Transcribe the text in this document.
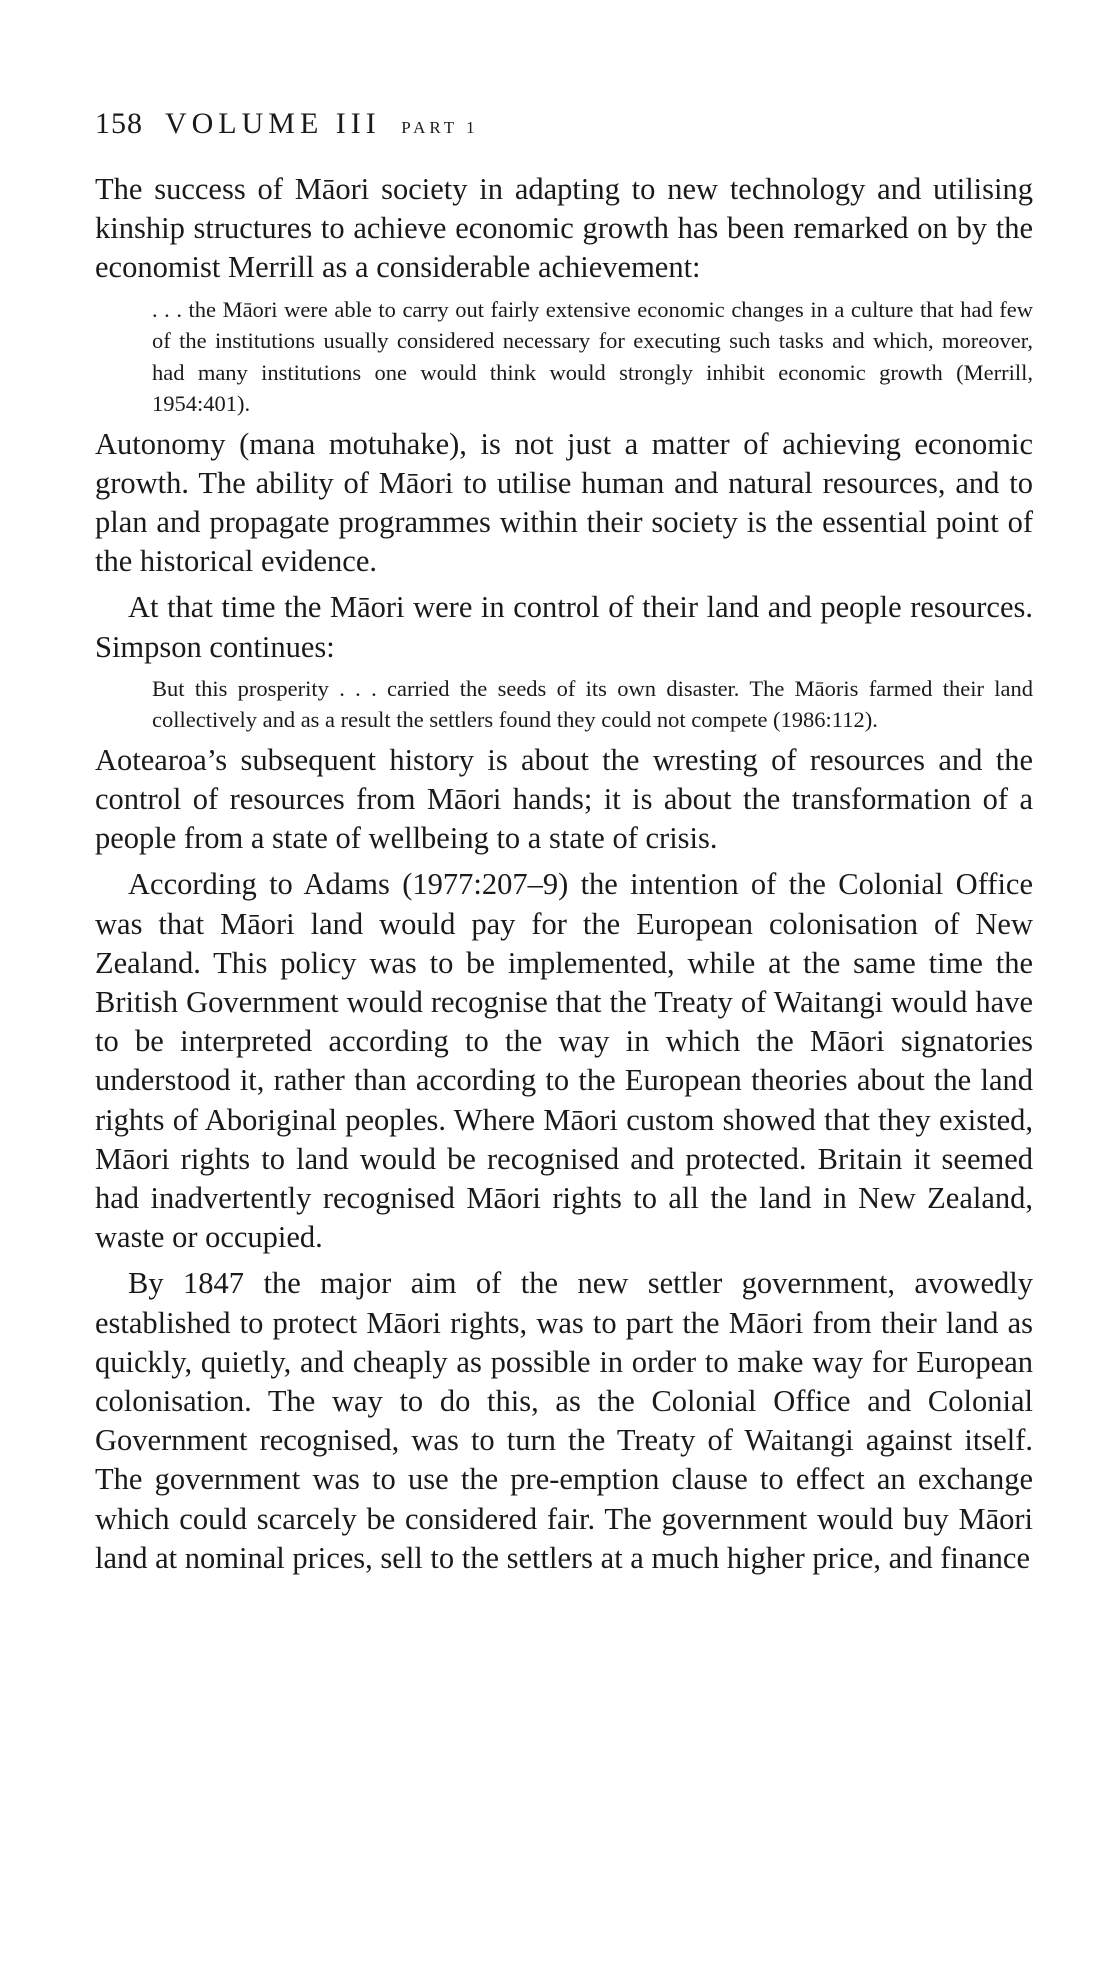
158 VOLUME III PART 1

The success of Māori society in adapting to new technology and utilising kinship structures to achieve economic growth has been remarked on by the economist Merrill as a considerable achievement:

. . . the Māori were able to carry out fairly extensive economic changes in a culture that had few of the institutions usually considered necessary for executing such tasks and which, moreover, had many institutions one would think would strongly inhibit economic growth (Merrill, 1954:401).

Autonomy (mana motuhake), is not just a matter of achieving economic growth. The ability of Māori to utilise human and natural resources, and to plan and propagate programmes within their society is the essential point of the historical evidence.

At that time the Māori were in control of their land and people resources. Simpson continues:

But this prosperity . . . carried the seeds of its own disaster. The Māoris farmed their land collectively and as a result the settlers found they could not compete (1986:112).

Aotearoa’s subsequent history is about the wresting of resources and the control of resources from Māori hands; it is about the transformation of a people from a state of wellbeing to a state of crisis.

According to Adams (1977:207–9) the intention of the Colonial Office was that Māori land would pay for the European colonisation of New Zealand. This policy was to be implemented, while at the same time the British Government would recognise that the Treaty of Waitangi would have to be interpreted according to the way in which the Māori signatories understood it, rather than according to the European theories about the land rights of Aboriginal peoples. Where Māori custom showed that they existed, Māori rights to land would be recognised and protected. Britain it seemed had inadvertently recognised Māori rights to all the land in New Zealand, waste or occupied.

By 1847 the major aim of the new settler government, avowedly established to protect Māori rights, was to part the Māori from their land as quickly, quietly, and cheaply as possible in order to make way for European colonisation. The way to do this, as the Colonial Office and Colonial Government recognised, was to turn the Treaty of Waitangi against itself. The government was to use the pre-emption clause to effect an exchange which could scarcely be considered fair. The government would buy Māori land at nominal prices, sell to the settlers at a much higher price, and finance
